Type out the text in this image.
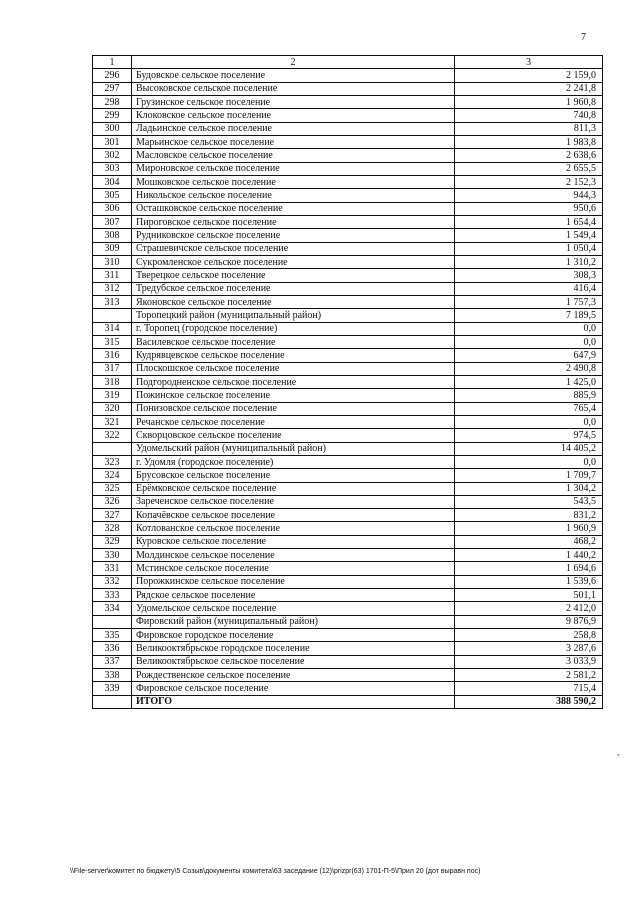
7
1	2	3
296	Будовское сельское поселение	2 159,0
297	Высоковское сельское поселение	2 241,8
298	Грузинское сельское поселение	1 960,8
299	Клоковское сельское поселение	740,8
300	Ладьинское сельское поселение	811,3
301	Марьинское сельское поселение	1 983,8
302	Масловское сельское поселение	2 638,6
303	Мироновское сельское поселение	2 655,5
304	Мошковское сельское поселение	2 152,3
305	Никольское сельское поселение	944,3
306	Осташковское сельское поселение	950,6
307	Пироговское сельское поселение	1 654,4
308	Рудниковское сельское поселение	1 549,4
309	Страшевичское сельское поселение	1 050,4
310	Сукромленское сельское поселение	1 310,2
311	Тверецкое сельское поселение	308,3
312	Тредубское сельское поселение	416,4
313	Яконовское сельское поселение	1 757,3
	Торопецкий район (муниципальный район)	7 189,5
314	г. Торопец (городское поселение)	0,0
315	Василевское сельское поселение	0,0
316	Кудрявцевское сельское поселение	647,9
317	Плоскошское сельское поселение	2 490,8
318	Подгородненское сельское поселение	1 425,0
319	Пожинское сельское поселение	885,9
320	Понизовское сельское поселение	765,4
321	Речанское сельское поселение	0,0
322	Скворцовское сельское поселение	974,5
	Удомельский район (муниципальный район)	14 405,2
323	г. Удомля (городское поселение)	0,0
324	Брусовское сельское поселение	1 709,7
325	Ерёмковское сельское поселение	1 304,2
326	Зареченское сельское поселение	543,5
327	Копачёвское сельское поселение	831,2
328	Котлованское сельское поселение	1 960,9
329	Куровское сельское поселение	468,2
330	Молдинское сельское поселение	1 440,2
331	Мстинское сельское поселение	1 694,6
332	Порожкинское сельское поселение	1 539,6
333	Рядское сельское поселение	501,1
334	Удомельское сельское поселение	2 412,0
	Фировский район (муниципальный район)	9 876,9
335	Фировское городское поселение	258,8
336	Великооктябрьское городское поселение	3 287,6
337	Великооктябрьское сельское поселение	3 033,9
338	Рождественское сельское поселение	2 581,2
339	Фировское сельское поселение	715,4
	ИТОГО	388 590,2
ˇ
\\File-server\комитет по бюджету\5 Созыв\документы комитета\63 заседание (12)\prizpr(63) 1701-П-5\Прил 20 (дот выравн пос)
